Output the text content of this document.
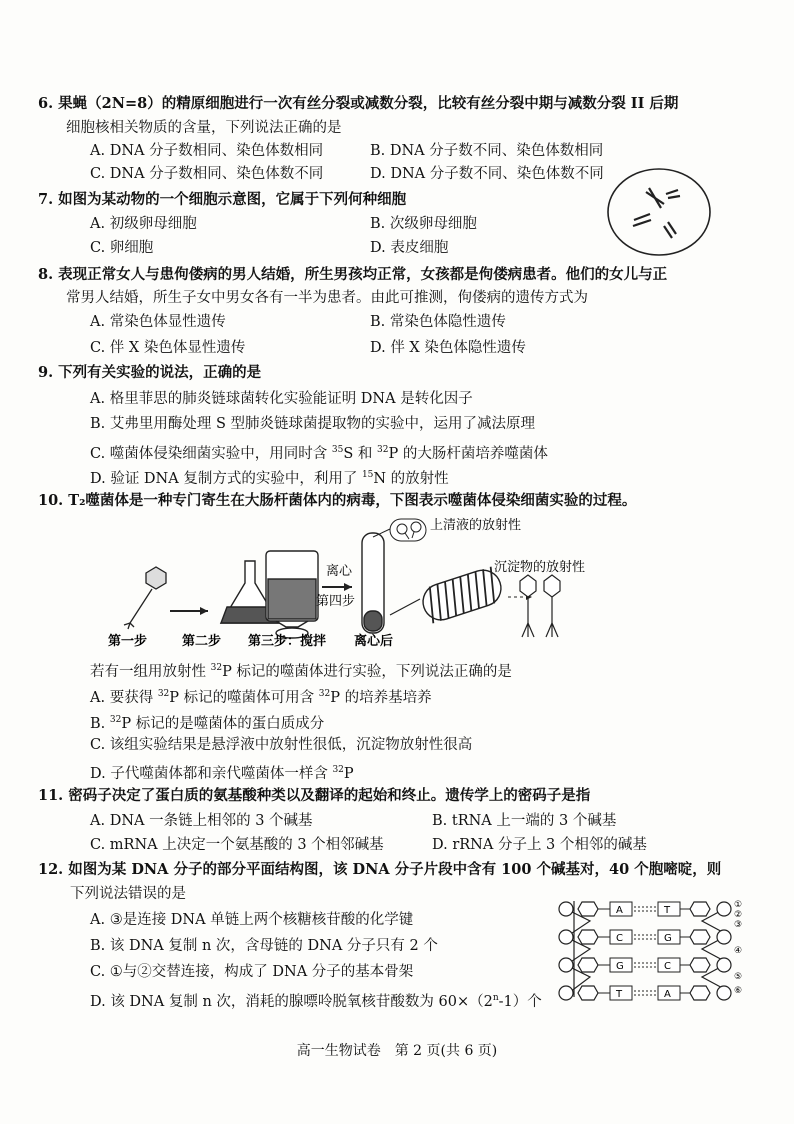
6. 果蝇（2N=8）的精原细胞进行一次有丝分裂或减数分裂，比较有丝分裂中期与减数分裂 II 后期
细胞核相关物质的含量，下列说法正确的是
A. DNA 分子数相同、染色体数相同	B. DNA 分子数不同、染色体数相同
C. DNA 分子数相同、染色体数不同	D. DNA 分子数不同、染色体数不同
7. 如图为某动物的一个细胞示意图，它属于下列何种细胞
A. 初级卵母细胞	B. 次级卵母细胞
C. 卵细胞	D. 表皮细胞
8. 表现正常女人与患佝偻病的男人结婚，所生男孩均正常，女孩都是佝偻病患者。他们的女儿与正
常男人结婚，所生子女中男女各有一半为患者。由此可推测，佝偻病的遗传方式为
A. 常染色体显性遗传	B. 常染色体隐性遗传
C. 伴 X 染色体显性遗传	D. 伴 X 染色体隐性遗传
9. 下列有关实验的说法，正确的是
A. 格里菲思的肺炎链球菌转化实验能证明 DNA 是转化因子
B. 艾弗里用酶处理 S 型肺炎链球菌提取物的实验中，运用了减法原理
C. 噬菌体侵染细菌实验中，用同时含 $^{35}$S 和 $^{32}$P 的大肠杆菌培养噬菌体
D. 验证 DNA 复制方式的实验中，利用了 $^{15}$N 的放射性
10. T₂噬菌体是一种专门寄生在大肠杆菌体内的病毒，下图表示噬菌体侵染细菌实验的过程。
离心
第四步
上清液的放射性
沉淀物的放射性
第一步	第二步 第三步：搅拌 离心后
若有一组用放射性 $^{32}$P 标记的噬菌体进行实验，下列说法正确的是
A. 要获得 $^{32}$P 标记的噬菌体可用含 $^{32}$P 的培养基培养
B. $^{32}$P 标记的是噬菌体的蛋白质成分
C. 该组实验结果是悬浮液中放射性很低，沉淀物放射性很高
D. 子代噬菌体都和亲代噬菌体一样含 $^{32}$P
11. 密码子决定了蛋白质的氨基酸种类以及翻译的起始和终止。遗传学上的密码子是指
A. DNA 一条链上相邻的 3 个碱基	B. tRNA 上一端的 3 个碱基
C. mRNA 上决定一个氨基酸的 3 个相邻碱基	D. rRNA 分子上 3 个相邻的碱基
12. 如图为某 DNA 分子的部分平面结构图，该 DNA 分子片段中含有 100 个碱基对，40 个胞嘧啶，则
下列说法错误的是
A. ③是连接 DNA 单链上两个核糖核苷酸的化学键
B. 该 DNA 复制 n 次，含母链的 DNA 分子只有 2 个
C. ①与②交替连接，构成了 DNA 分子的基本骨架
D. 该 DNA 复制 n 次，消耗的腺嘌呤脱氧核苷酸数为 $60\times(2^n-1)$个
A	T
C	G
G	C
T	A
①
②
③
④
⑤
⑥
高一生物试卷　第 2 页(共 6 页)
